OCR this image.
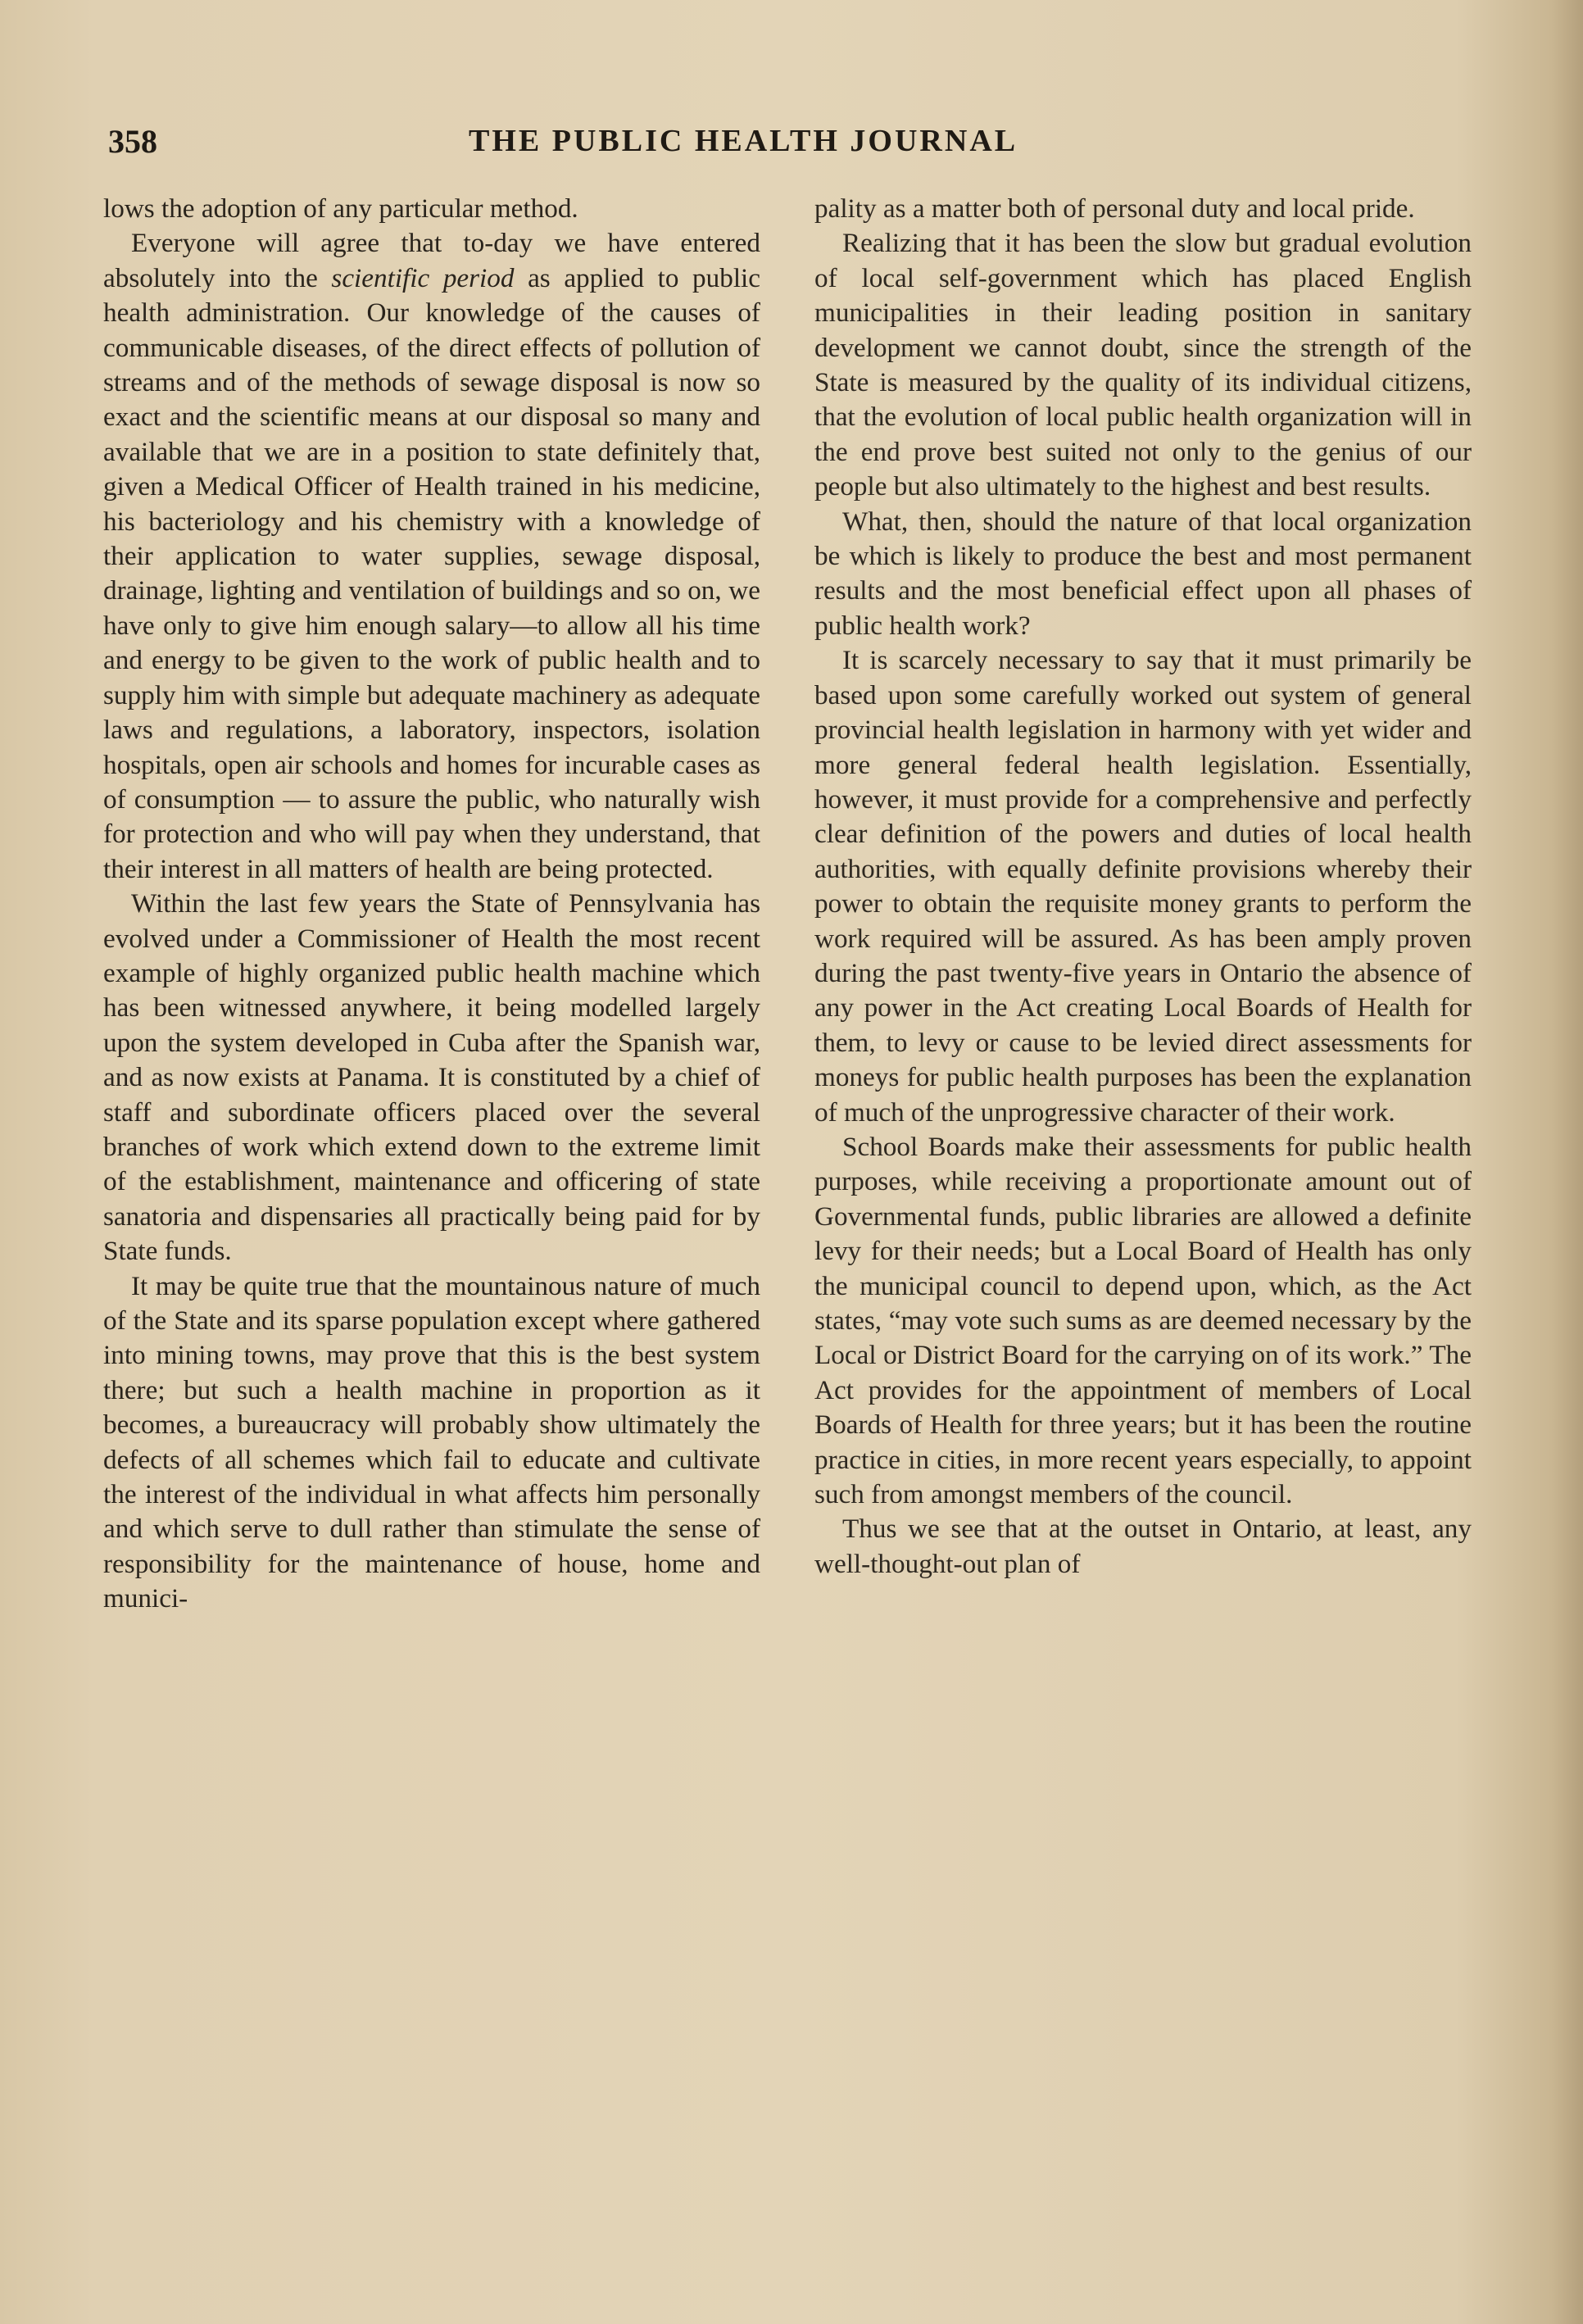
358	THE PUBLIC HEALTH JOURNAL

lows the adoption of any particular method.

Everyone will agree that to-day we have entered absolutely into the scientific period as applied to public health administration. Our knowledge of the causes of communicable diseases, of the direct effects of pollution of streams and of the methods of sewage disposal is now so exact and the scientific means at our disposal so many and available that we are in a position to state definitely that, given a Medical Officer of Health trained in his medicine, his bacteriology and his chemistry with a knowledge of their application to water supplies, sewage disposal, drainage, lighting and ventilation of buildings and so on, we have only to give him enough salary—to allow all his time and energy to be given to the work of public health and to supply him with simple but adequate machinery as adequate laws and regulations, a laboratory, inspectors, isolation hospitals, open air schools and homes for incurable cases as of consumption — to assure the public, who naturally wish for protection and who will pay when they understand, that their interest in all matters of health are being protected.

Within the last few years the State of Pennsylvania has evolved under a Commissioner of Health the most recent example of highly organized public health machine which has been witnessed anywhere, it being modelled largely upon the system developed in Cuba after the Spanish war, and as now exists at Panama. It is constituted by a chief of staff and subordinate officers placed over the several branches of work which extend down to the extreme limit of the establishment, maintenance and officering of state sanatoria and dispensaries all practically being paid for by State funds.

It may be quite true that the mountainous nature of much of the State and its sparse population except where gathered into mining towns, may prove that this is the best system there; but such a health machine in proportion as it becomes, a bureaucracy will probably show ultimately the defects of all schemes which fail to educate and cultivate the interest of the individual in what affects him personally and which serve to dull rather than stimulate the sense of responsibility for the maintenance of house, home and munici-

pality as a matter both of personal duty and local pride.

Realizing that it has been the slow but gradual evolution of local self-government which has placed English municipalities in their leading position in sanitary development we cannot doubt, since the strength of the State is measured by the quality of its individual citizens, that the evolution of local public health organization will in the end prove best suited not only to the genius of our people but also ultimately to the highest and best results.

What, then, should the nature of that local organization be which is likely to produce the best and most permanent results and the most beneficial effect upon all phases of public health work?

It is scarcely necessary to say that it must primarily be based upon some carefully worked out system of general provincial health legislation in harmony with yet wider and more general federal health legislation. Essentially, however, it must provide for a comprehensive and perfectly clear definition of the powers and duties of local health authorities, with equally definite provisions whereby their power to obtain the requisite money grants to perform the work required will be assured. As has been amply proven during the past twenty-five years in Ontario the absence of any power in the Act creating Local Boards of Health for them, to levy or cause to be levied direct assessments for moneys for public health purposes has been the explanation of much of the unprogressive character of their work.

School Boards make their assessments for public health purposes, while receiving a proportionate amount out of Governmental funds, public libraries are allowed a definite levy for their needs; but a Local Board of Health has only the municipal council to depend upon, which, as the Act states, “may vote such sums as are deemed necessary by the Local or District Board for the carrying on of its work.” The Act provides for the appointment of members of Local Boards of Health for three years; but it has been the routine practice in cities, in more recent years especially, to appoint such from amongst members of the council.

Thus we see that at the outset in Ontario, at least, any well-thought-out plan of
